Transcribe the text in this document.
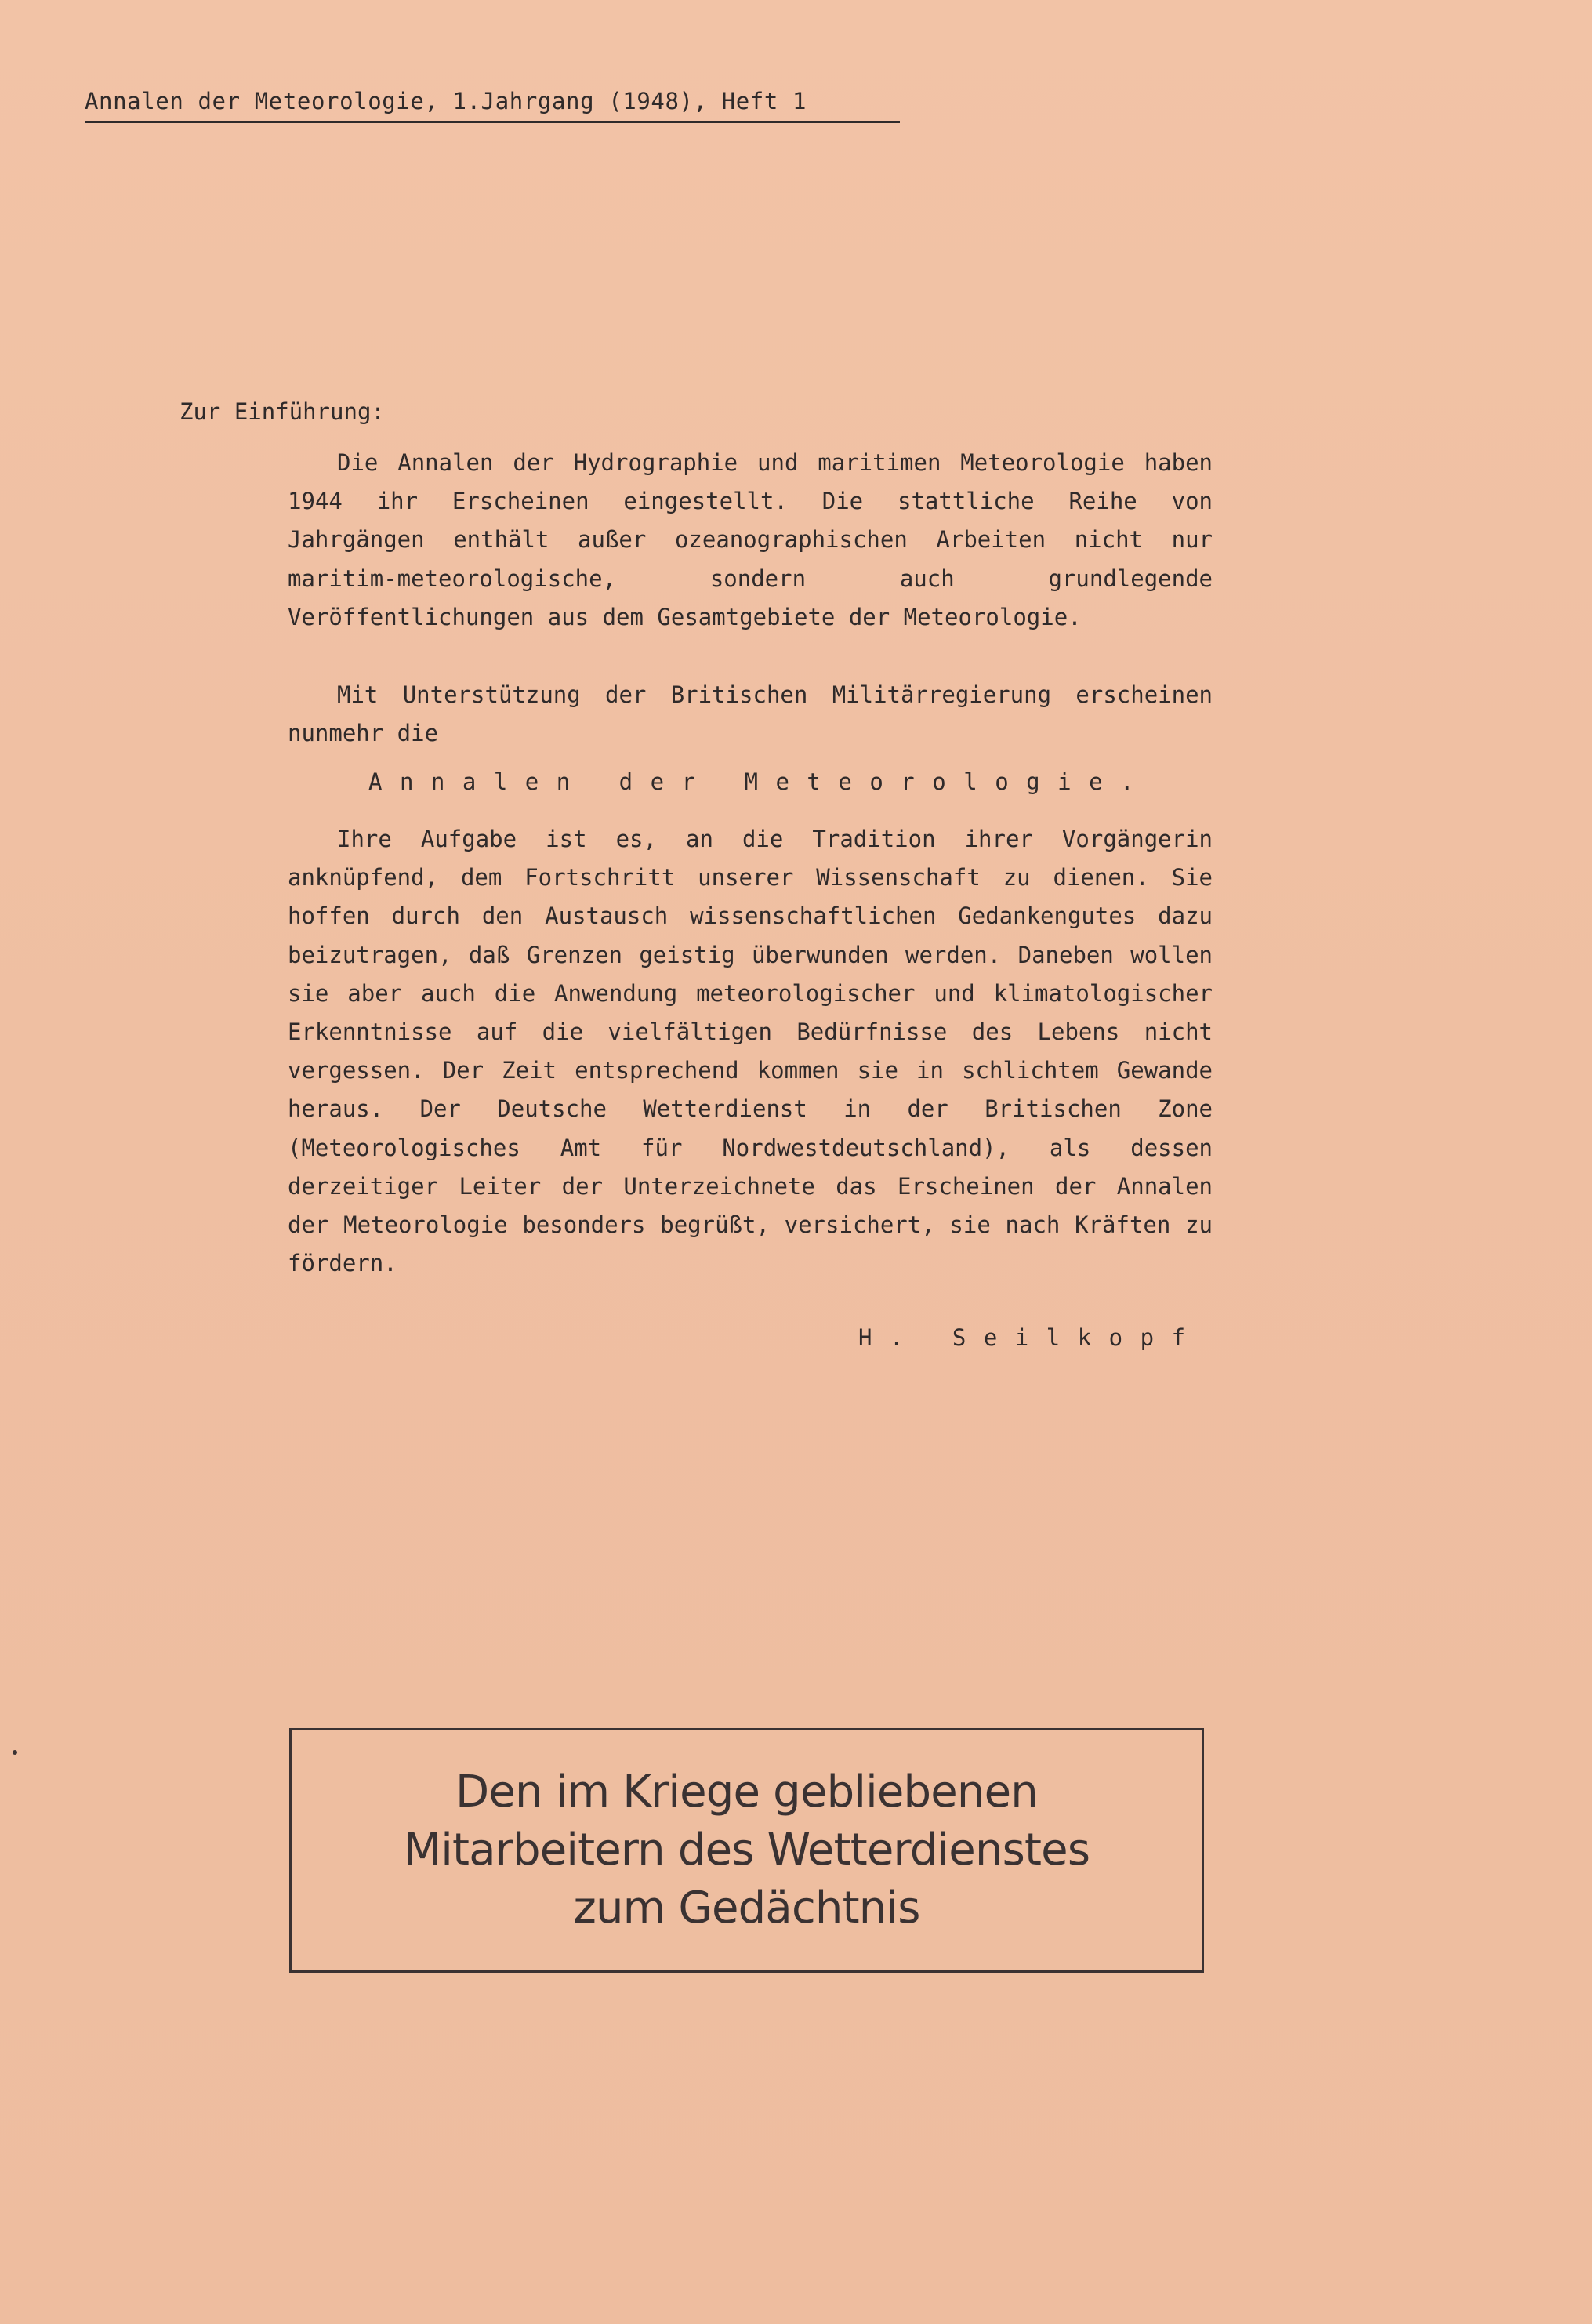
Annalen der Meteorologie, 1.Jahrgang (1948), Heft 1
Zur Einführung:

Die Annalen der Hydrographie und maritimen Meteorologie haben 1944 ihr Erscheinen eingestellt. Die stattliche Reihe von Jahrgängen enthält außer ozeanographischen Arbeiten nicht nur maritim-meteorologische, sondern auch grundlegende Veröffentlichungen aus dem Gesamtgebiete der Meteorologie.

Mit Unterstützung der Britischen Militärregierung erscheinen nunmehr die

Annalen der Meteorologie.

Ihre Aufgabe ist es, an die Tradition ihrer Vorgängerin anknüpfend, dem Fortschritt unserer Wissenschaft zu dienen. Sie hoffen durch den Austausch wissenschaftlichen Gedankengutes dazu beizutragen, daß Grenzen geistig überwunden werden. Daneben wollen sie aber auch die Anwendung meteorologischer und klimatologischer Erkenntnisse auf die vielfältigen Bedürfnisse des Lebens nicht vergessen. Der Zeit entsprechend kommen sie in schlichtem Gewande heraus. Der Deutsche Wetterdienst in der Britischen Zone (Meteorologisches Amt für Nordwestdeutschland), als dessen derzeitiger Leiter der Unterzeichnete das Erscheinen der Annalen der Meteorologie besonders begrüßt, versichert, sie nach Kräften zu fördern.

H. Seilkopf
Den im Kriege gebliebenen
Mitarbeitern des Wetterdienstes
zum Gedächtnis
